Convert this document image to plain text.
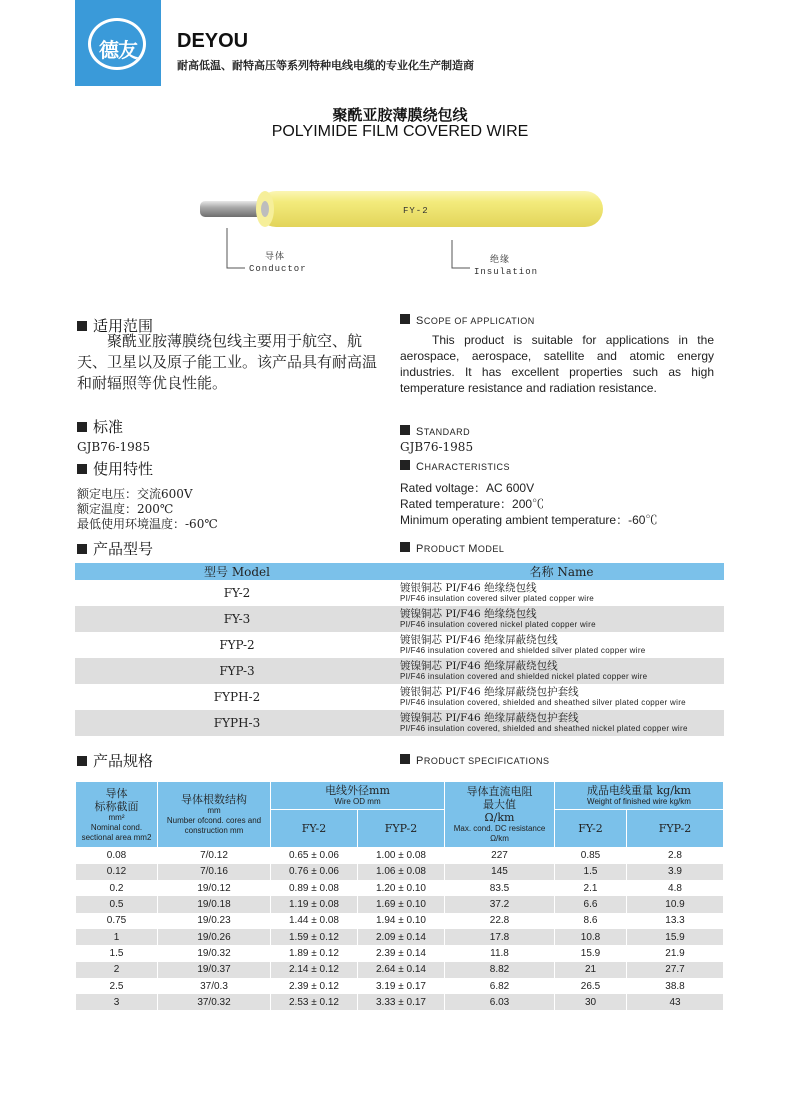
德友	DEYOU
耐高低温、耐特高压等系列特种电线电缆的专业化生产制造商
聚酰亚胺薄膜绕包线
POLYIMIDE FILM COVERED WIRE
FY-2
导体
Conductor
绝缘
Insulation
适用范围	SCOPE OF APPLICATION
聚酰亚胺薄膜绕包线主要用于航空、航天、卫星以及原子能工业。该产品具有耐高温和耐辐照等优良性能。
This product is suitable for applications in the aerospace, aerospace, satellite and atomic energy industries. It has excellent properties such as high temperature resistance and radiation resistance.
标准	STANDARD
GJB76-1985	GJB76-1985
使用特性	CHARACTERISTICS
额定电压：交流600V
额定温度：200℃
最低使用环境温度：-60℃
Rated voltage：AC 600V
Rated temperature：200℃
Minimum operating ambient temperature：-60℃
产品型号	PRODUCT MODEL
型号 Model	名称 Name
FY-2	镀银铜芯 PI/F46 绝缘绕包线
PI/F46 insulation covered silver plated copper wire

FY-3	镀镍铜芯 PI/F46 绝缘绕包线
PI/F46 insulation covered nickel plated copper wire

FYP-2	镀银铜芯 PI/F46 绝缘屏蔽绕包线
PI/F46 insulation covered and shielded silver plated copper wire

FYP-3	镀镍铜芯 PI/F46 绝缘屏蔽绕包线
PI/F46 insulation covered and shielded nickel plated copper wire

FYPH-2	镀银铜芯 PI/F46 绝缘屏蔽绕包护套线
PI/F46 insulation covered, shielded and sheathed silver plated copper wire

FYPH-3	镀镍铜芯 PI/F46 绝缘屏蔽绕包护套线
PI/F46 insulation covered, shielded and sheathed nickel plated copper wire
产品规格	PRODUCT SPECIFICATIONS
导体
标称截面
mm²
Nominal cond.
sectional area mm2	导体根数结构
mm
Number ofcond. cores and
construction mm	电线外径mm
Wire OD mm		导体直流电阻
最大值
Ω/km
Max. cond. DC resistance
Ω/km	成品电线重量 kg/km
Weight of finished wire kg/km	

		FY-2	FYP-2		FY-2	FYP-2

0.08	7/0.12	0.65 ± 0.06	1.00 ± 0.08	227	0.85	2.8
0.12	7/0.16	0.76 ± 0.06	1.06 ± 0.08	145	1.5	3.9
0.2	19/0.12	0.89 ± 0.08	1.20 ± 0.10	83.5	2.1	4.8
0.5	19/0.18	1.19 ± 0.08	1.69 ± 0.10	37.2	6.6	10.9
0.75	19/0.23	1.44 ± 0.08	1.94 ± 0.10	22.8	8.6	13.3
1	19/0.26	1.59 ± 0.12	2.09 ± 0.14	17.8	10.8	15.9
1.5	19/0.32	1.89 ± 0.12	2.39 ± 0.14	11.8	15.9	21.9
2	19/0.37	2.14 ± 0.12	2.64 ± 0.14	8.82	21	27.7
2.5	37/0.3	2.39 ± 0.12	3.19 ± 0.17	6.82	26.5	38.8
3	37/0.32	2.53 ± 0.12	3.33 ± 0.17	6.03	30	43
